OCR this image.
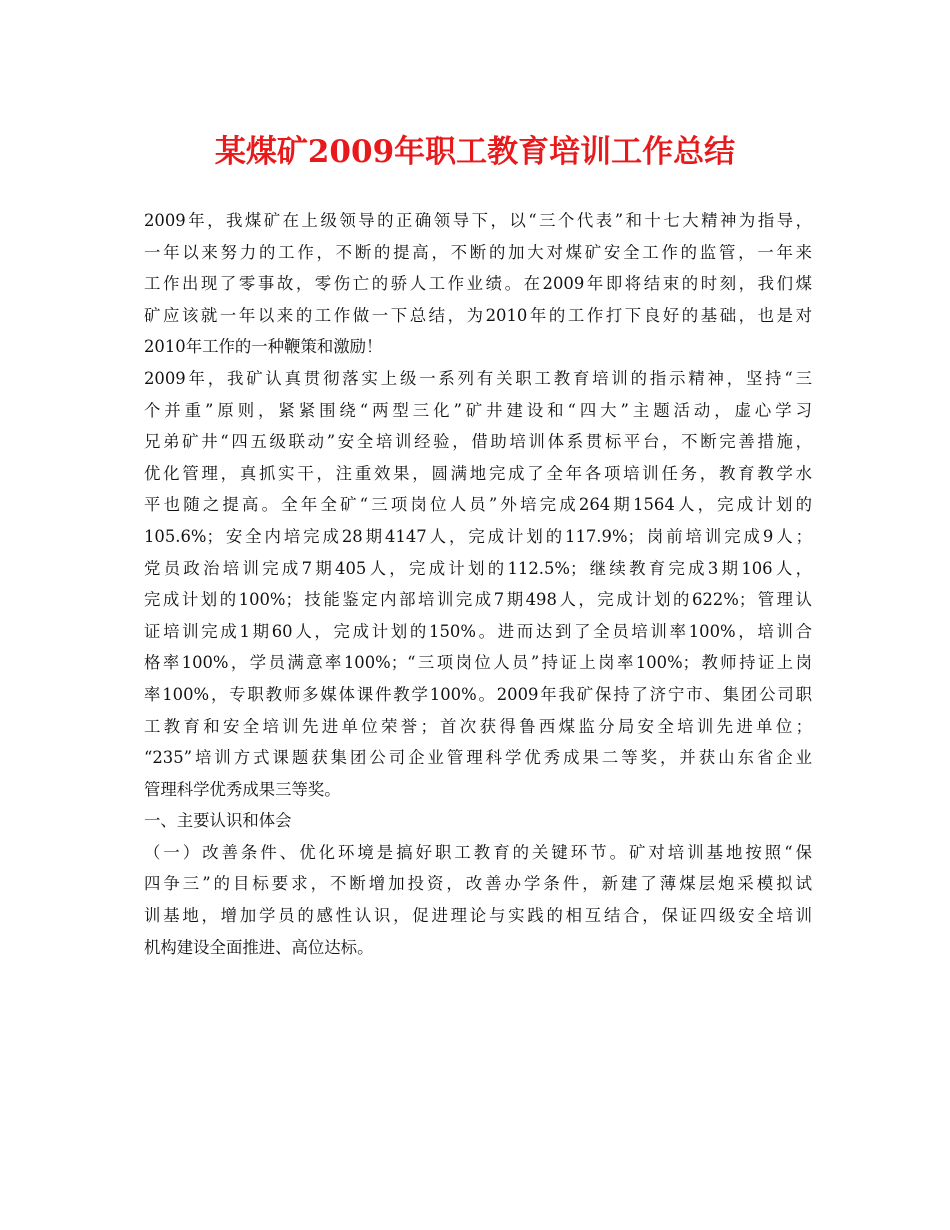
某煤矿2009年职工教育培训工作总结
2009年，我煤矿在上级领导的正确领导下，以“三个代表”和十七大精神为指导，
一年以来努力的工作，不断的提高，不断的加大对煤矿安全工作的监管，一年来
工作出现了零事故，零伤亡的骄人工作业绩。在2009年即将结束的时刻，我们煤
矿应该就一年以来的工作做一下总结，为2010年的工作打下良好的基础，也是对
2010年工作的一种鞭策和激励！
2009年，我矿认真贯彻落实上级一系列有关职工教育培训的指示精神，坚持“三
个并重”原则，紧紧围绕“两型三化”矿井建设和“四大”主题活动，虚心学习
兄弟矿井“四五级联动”安全培训经验，借助培训体系贯标平台，不断完善措施，
优化管理，真抓实干，注重效果，圆满地完成了全年各项培训任务，教育教学水
平也随之提高。全年全矿“三项岗位人员”外培完成264期1564人，完成计划的
105.6%；安全内培完成28期4147人，完成计划的117.9%；岗前培训完成9人；
党员政治培训完成7期405人，完成计划的112.5%；继续教育完成3期106人，
完成计划的100%；技能鉴定内部培训完成7期498人，完成计划的622%；管理认
证培训完成1期60人，完成计划的150%。进而达到了全员培训率100%，培训合
格率100%，学员满意率100%；“三项岗位人员”持证上岗率100%；教师持证上岗
率100%，专职教师多媒体课件教学100%。2009年我矿保持了济宁市、集团公司职
工教育和安全培训先进单位荣誉；首次获得鲁西煤监分局安全培训先进单位；
“235”培训方式课题获集团公司企业管理科学优秀成果二等奖，并获山东省企业
管理科学优秀成果三等奖。
一、主要认识和体会
（一）改善条件、优化环境是搞好职工教育的关键环节。矿对培训基地按照“保
四争三”的目标要求，不断增加投资，改善办学条件，新建了薄煤层炮采模拟试
训基地，增加学员的感性认识，促进理论与实践的相互结合，保证四级安全培训
机构建设全面推进、高位达标。
